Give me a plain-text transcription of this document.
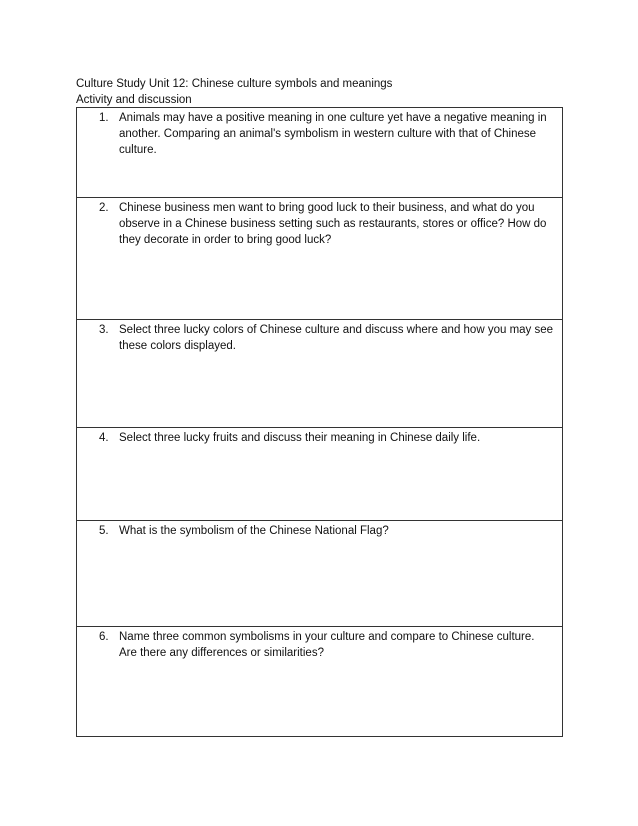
Culture Study Unit 12: Chinese culture symbols and meanings
Activity and discussion
1. Animals may have a positive meaning in one culture yet have a negative meaning in another. Comparing an animal's symbolism in western culture with that of Chinese culture.

2. Chinese business men want to bring good luck to their business, and what do you observe in a Chinese business setting such as restaurants, stores or office? How do they decorate in order to bring good luck?

3. Select three lucky colors of Chinese culture and discuss where and how you may see these colors displayed.

4. Select three lucky fruits and discuss their meaning in Chinese daily life.

5. What is the symbolism of the Chinese National Flag?

6. Name three common symbolisms in your culture and compare to Chinese culture. Are there any differences or similarities?
